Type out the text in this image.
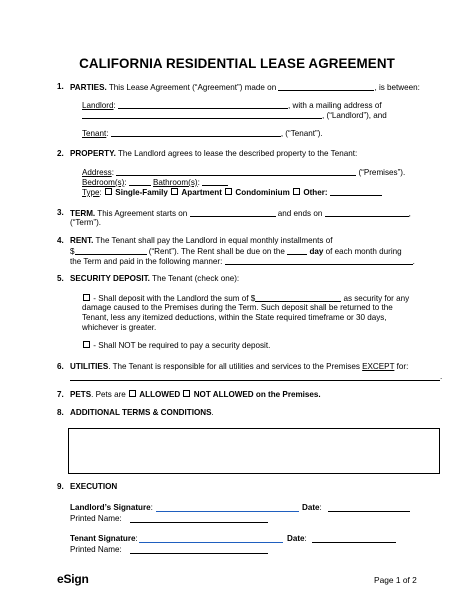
CALIFORNIA RESIDENTIAL LEASE AGREEMENT
1. PARTIES. This Lease Agreement (“Agreement”) made on	, is between:
Landlord:	, with a mailing address of
, (“Landlord”), and
Tenant:	, (“Tenant”).
2. PROPERTY. The Landlord agrees to lease the described property to the Tenant:
Address:	(“Premises”).
Bedroom(s):	Bathroom(s):
Type:  Single-Family Apartment Condominium Other:
3. TERM. This Agreement starts on	and ends on	,
(“Term”).
4. RENT. The Tenant shall pay the Landlord in equal monthly installments of
$	(“Rent”). The Rent shall be due on the	day of each month during
the Term and paid in the following manner:	.
5. SECURITY DEPOSIT. The Tenant (check one):
- Shall deposit with the Landlord the sum of $	as security for any
damage caused to the Premises during the Term. Such deposit shall be returned to the
Tenant, less any itemized deductions, within the State required timeframe or 30 days,
whichever is greater.
- Shall NOT be required to pay a security deposit.
6. UTILITIES. The Tenant is responsible for all utilities and services to the Premises EXCEPT for:
.
7. PETS. Pets are  ALLOWED NOT ALLOWED on the Premises.
8. ADDITIONAL TERMS & CONDITIONS.
9. EXECUTION
Landlord’s Signature:	Date:
Printed Name:
Tenant Signature:	Date:
Printed Name:
eSign	Page 1 of 2
